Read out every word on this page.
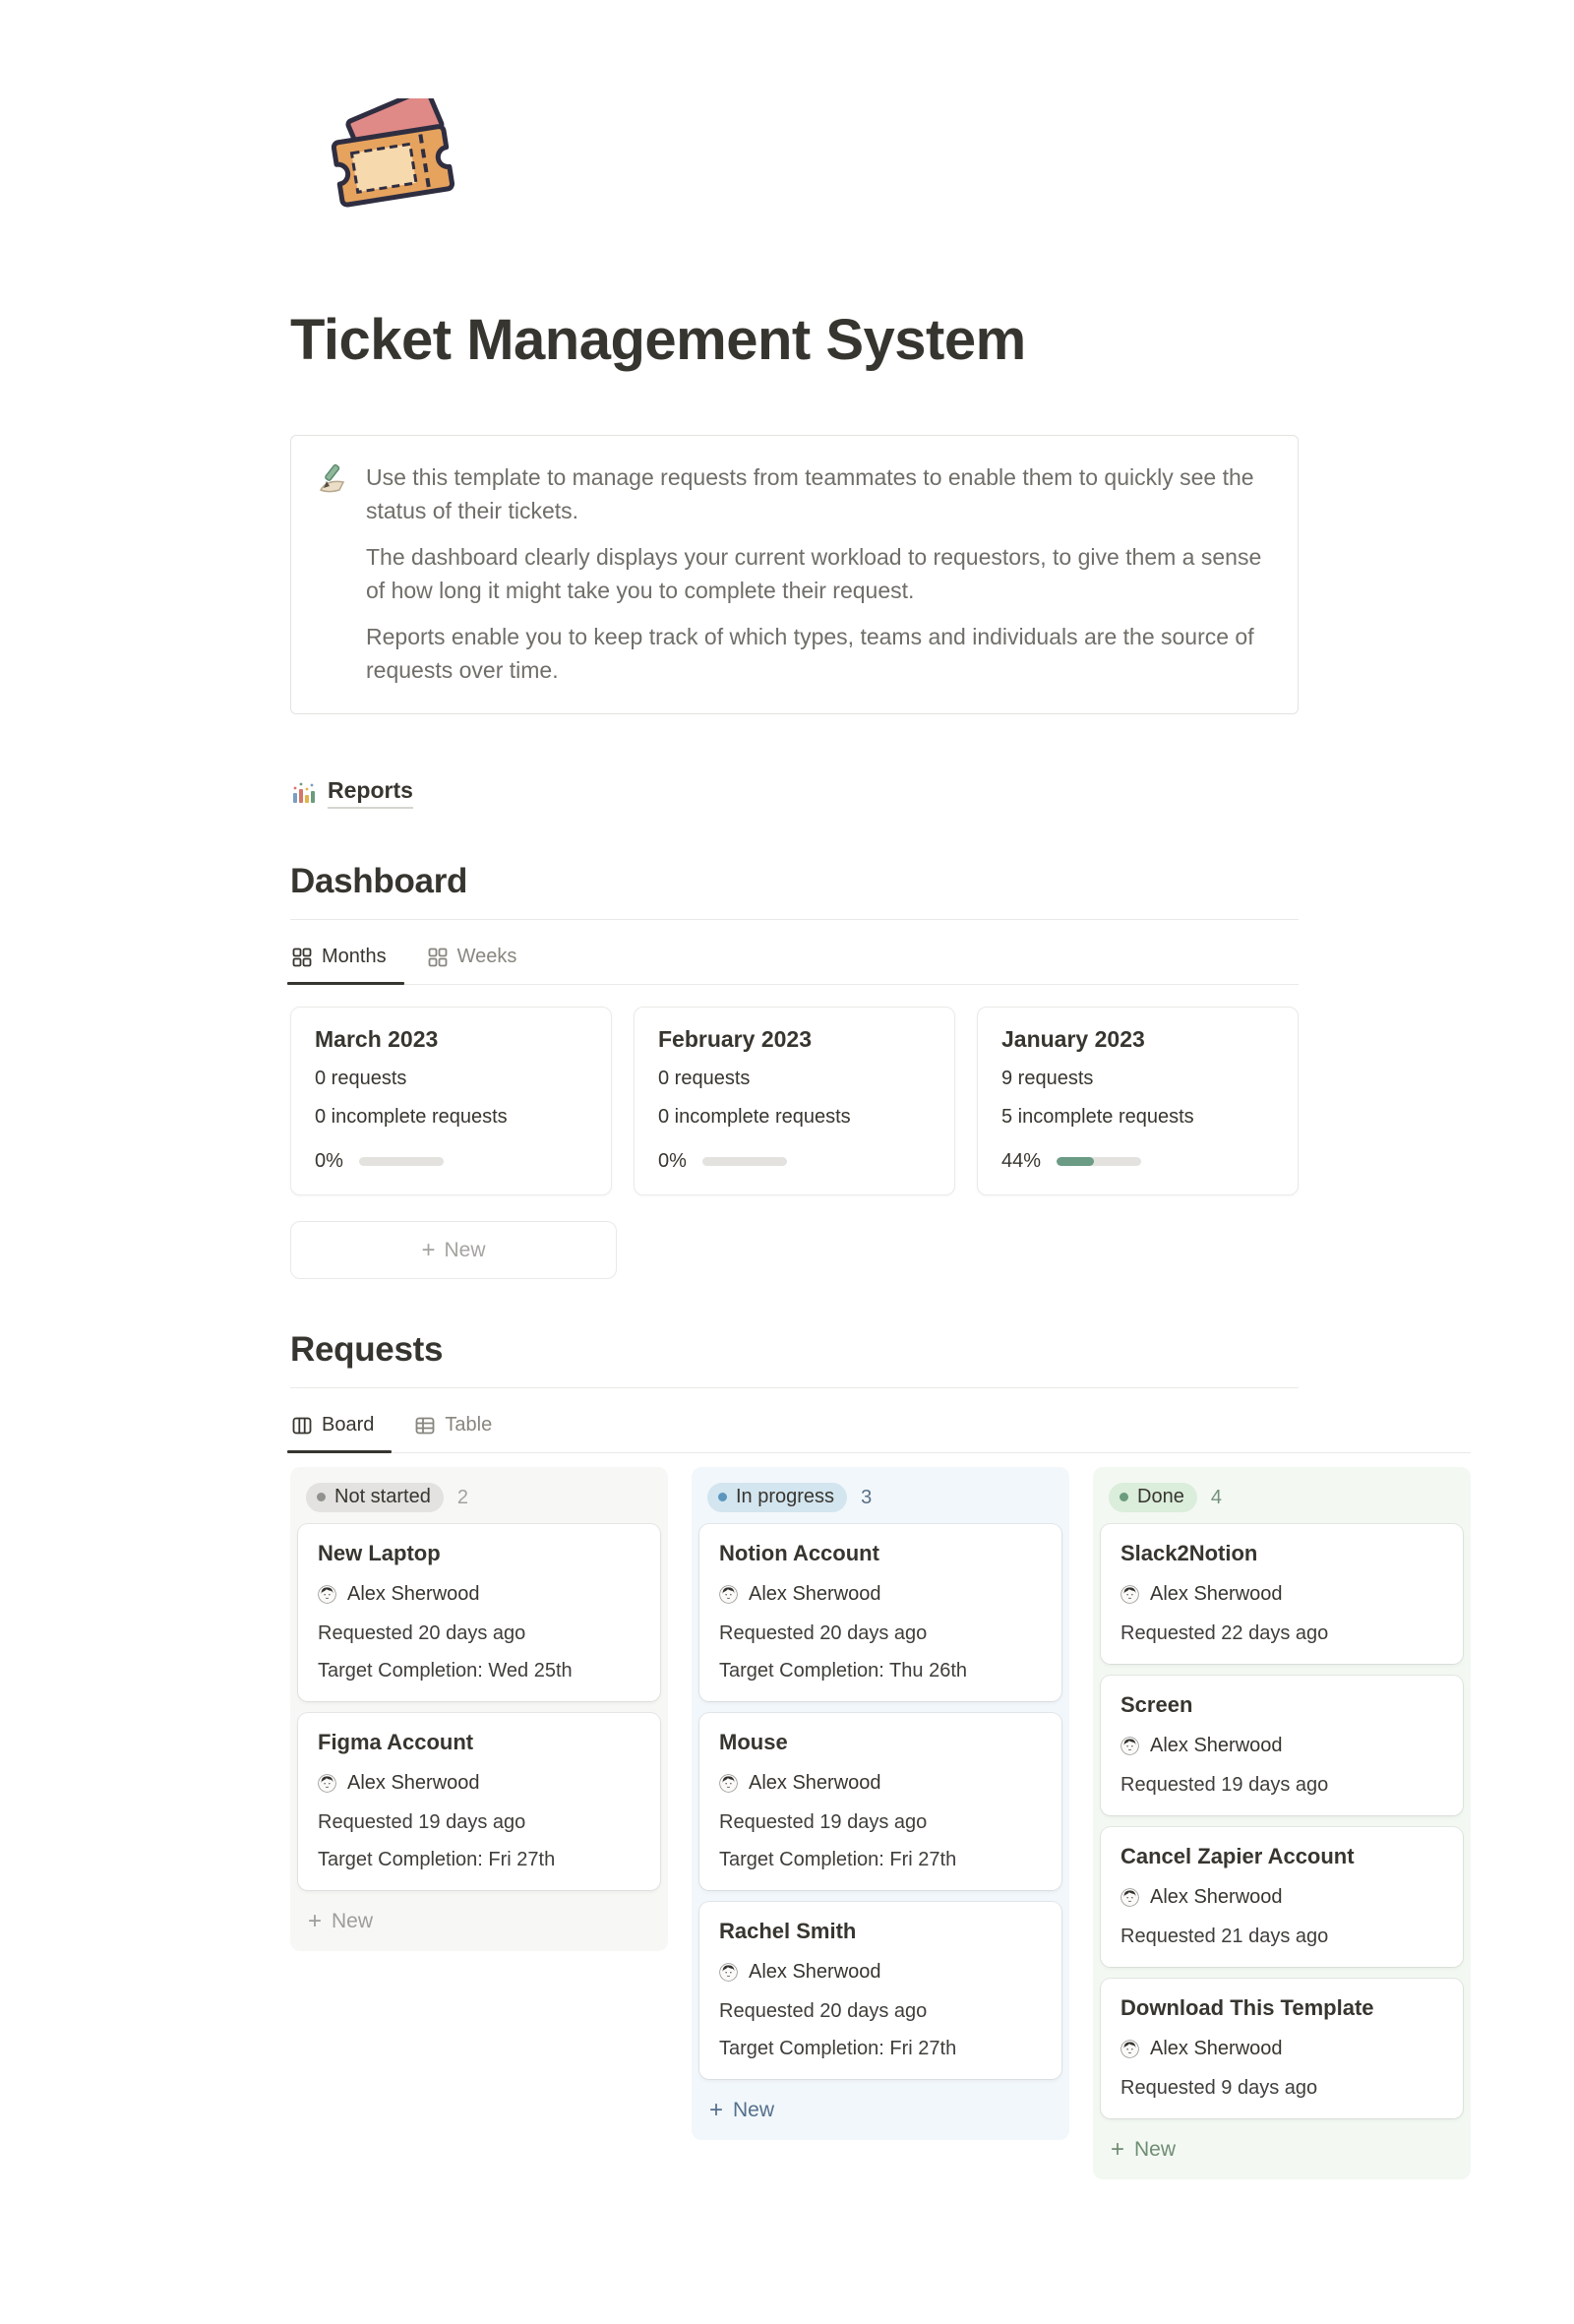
Ticket Management System

Use this template to manage requests from teammates to enable them to quickly see the status of their tickets.

The dashboard clearly displays your current workload to requestors, to give them a sense of how long it might take you to complete their request.

Reports enable you to keep track of which types, teams and individuals are the source of requests over time.

Reports
Dashboard
Months	Weeks
March 2023
0 requests
0 incomplete requests
0%
February 2023
0 requests
0 incomplete requests
0%
January 2023
9 requests
5 incomplete requests
44%
+ New
Requests
Board	Table
Not started 2
New Laptop
Alex Sherwood
Requested 20 days ago
Target Completion: Wed 25th
Figma Account
Alex Sherwood
Requested 19 days ago
Target Completion: Fri 27th
+ New
In progress 3
Notion Account
Alex Sherwood
Requested 20 days ago
Target Completion: Thu 26th
Mouse
Alex Sherwood
Requested 19 days ago
Target Completion: Fri 27th
Rachel Smith
Alex Sherwood
Requested 20 days ago
Target Completion: Fri 27th
+ New
Done 4
Slack2Notion
Alex Sherwood
Requested 22 days ago
Screen
Alex Sherwood
Requested 19 days ago
Cancel Zapier Account
Alex Sherwood
Requested 21 days ago
Download This Template
Alex Sherwood
Requested 9 days ago
+ New
